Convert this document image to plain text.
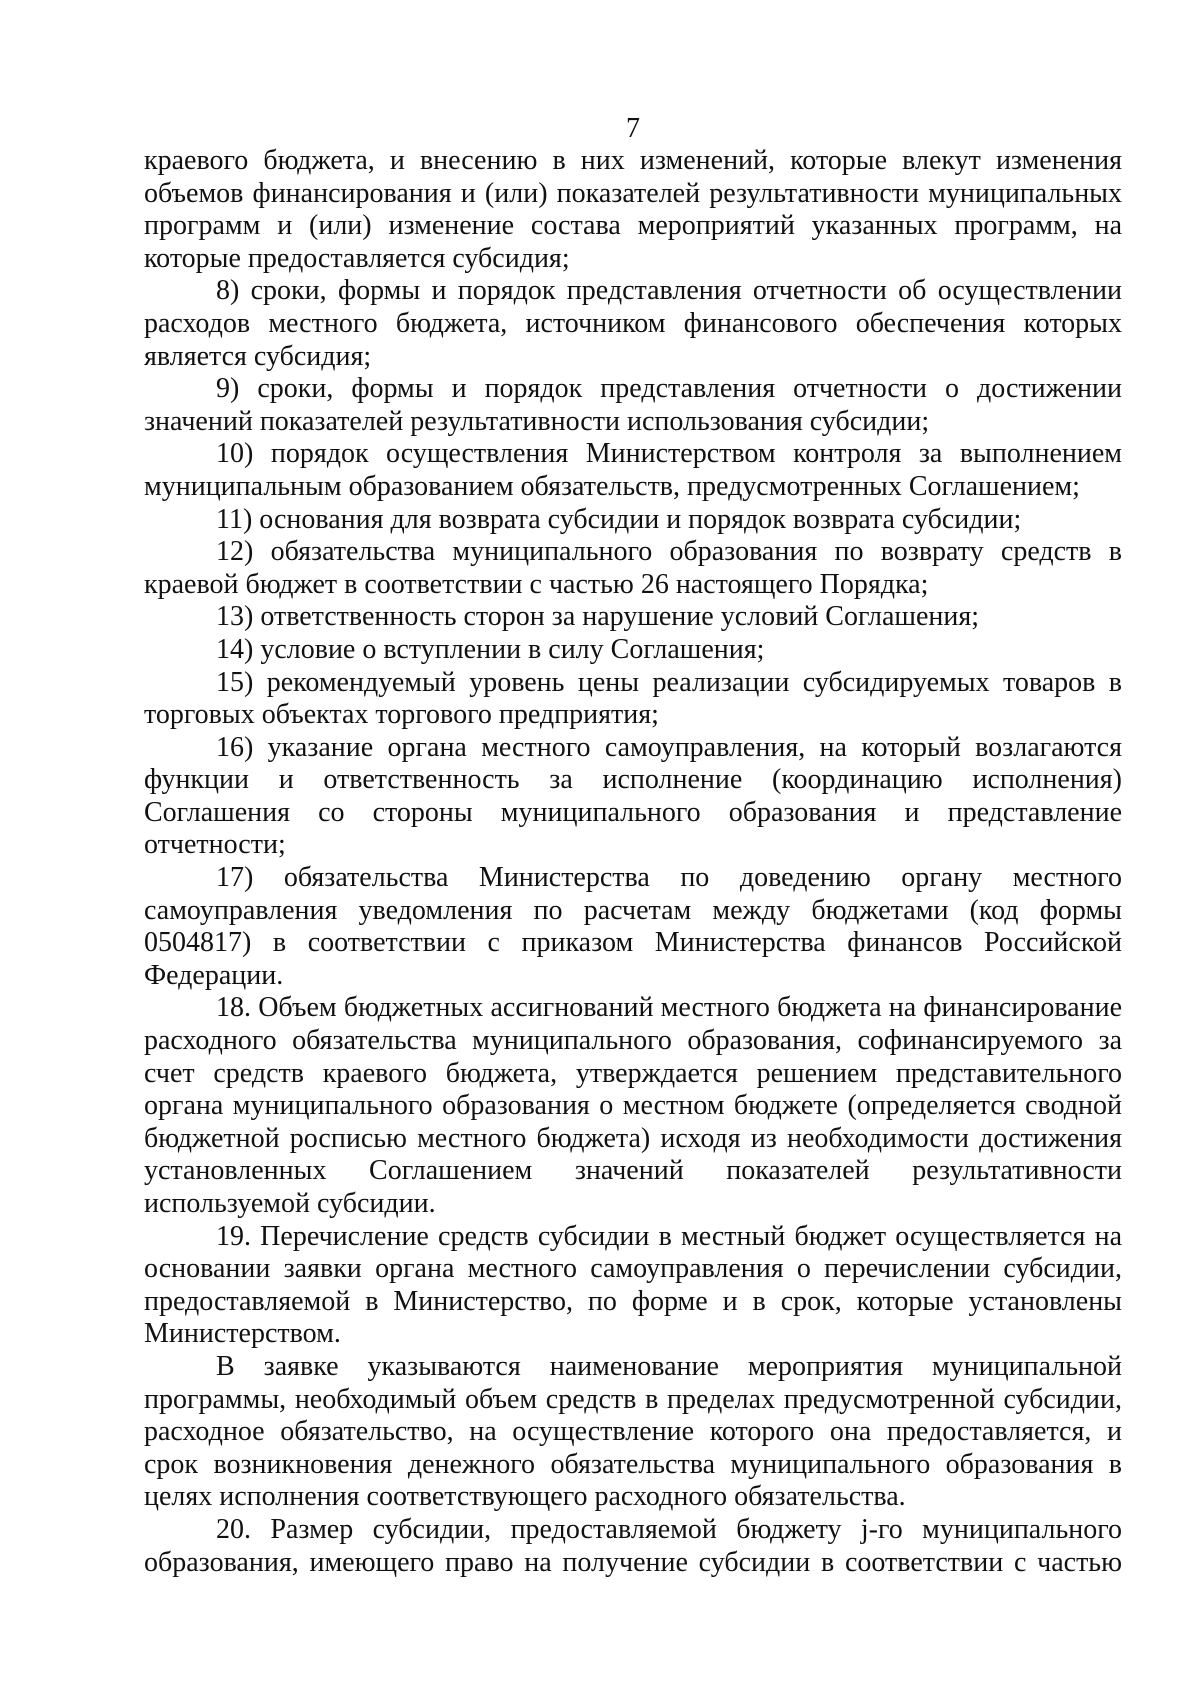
7

краевого бюджета, и внесению в них изменений, которые влекут изменения объемов финансирования и (или) показателей результативности муниципальных программ и (или) изменение состава мероприятий указанных программ, на которые предоставляется субсидия;

8) сроки, формы и порядок представления отчетности об осуществлении расходов местного бюджета, источником финансового обеспечения которых является субсидия;

9) сроки, формы и порядок представления отчетности о достижении значений показателей результативности использования субсидии;

10) порядок осуществления Министерством контроля за выполнением муниципальным образованием обязательств, предусмотренных Соглашением;

11) основания для возврата субсидии и порядок возврата субсидии;

12) обязательства муниципального образования по возврату средств в краевой бюджет в соответствии с частью 26 настоящего Порядка;

13) ответственность сторон за нарушение условий Соглашения;

14) условие о вступлении в силу Соглашения;

15) рекомендуемый уровень цены реализации субсидируемых товаров в торговых объектах торгового предприятия;

16) указание органа местного самоуправления, на который возлагаются функции и ответственность за исполнение (координацию исполнения) Соглашения со стороны муниципального образования и представление отчетности;

17) обязательства Министерства по доведению органу местного самоуправления уведомления по расчетам между бюджетами (код формы 0504817) в соответствии с приказом Министерства финансов Российской Федерации.

18. Объем бюджетных ассигнований местного бюджета на финансирование расходного обязательства муниципального образования, софинансируемого за счет средств краевого бюджета, утверждается решением представительного органа муниципального образования о местном бюджете (определяется сводной бюджетной росписью местного бюджета) исходя из необходимости достижения установленных Соглашением значений показателей результативности используемой субсидии.

19. Перечисление средств субсидии в местный бюджет осуществляется на основании заявки органа местного самоуправления о перечислении субсидии, предоставляемой в Министерство, по форме и в срок, которые установлены Министерством.

В заявке указываются наименование мероприятия муниципальной программы, необходимый объем средств в пределах предусмотренной субсидии, расходное обязательство, на осуществление которого она предоставляется, и срок возникновения денежного обязательства муниципального образования в целях исполнения соответствующего расходного обязательства.

20. Размер субсидии, предоставляемой бюджету j-го муниципального образования, имеющего право на получение субсидии в соответствии с частью
